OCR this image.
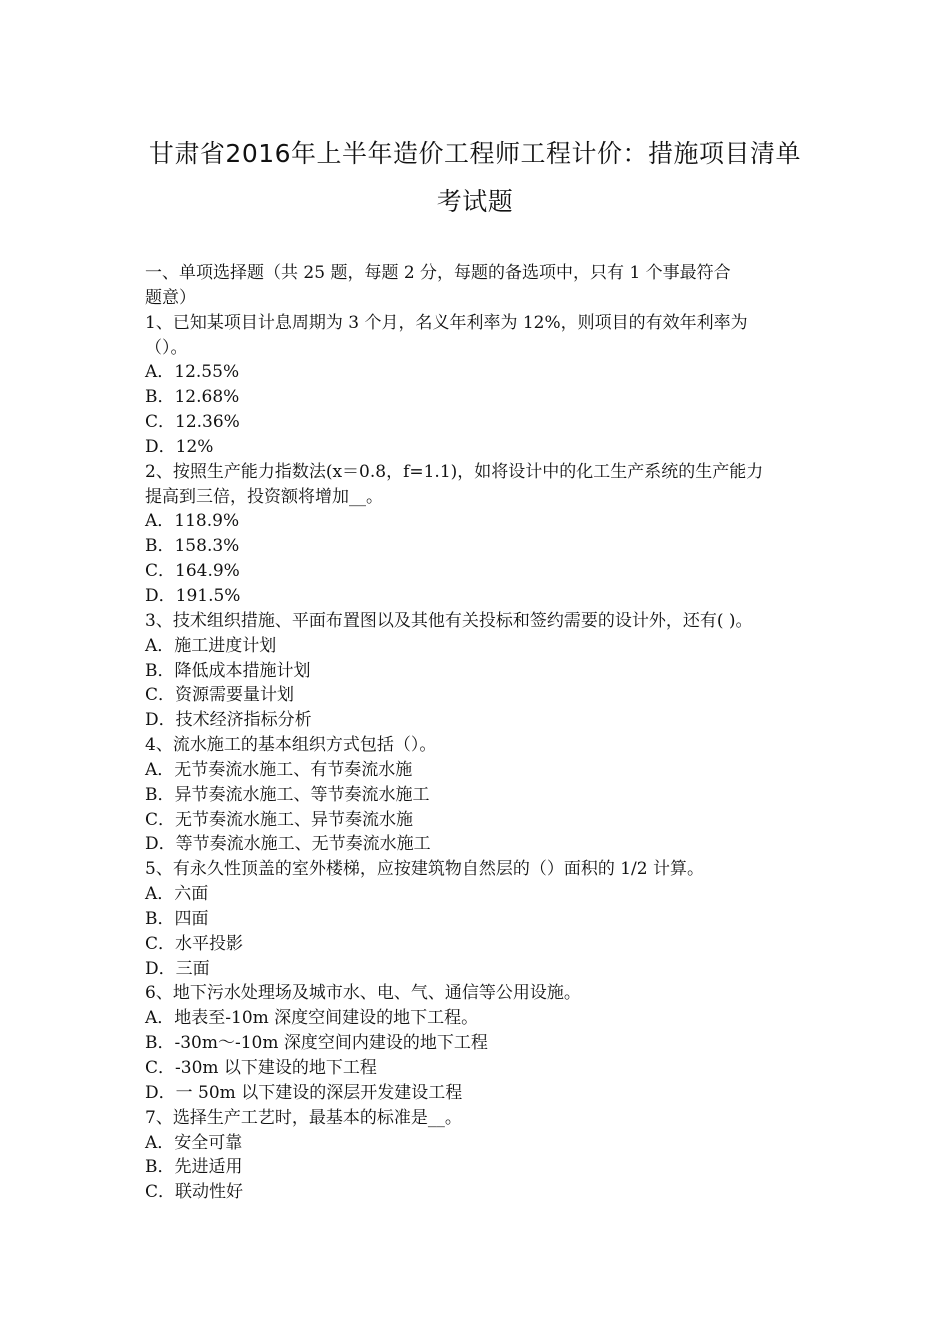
甘肃省2016年上半年造价工程师工程计价：措施项目清单
考试题
一、单项选择题（共 25 题，每题 2 分，每题的备选项中，只有 1 个事最符合
题意）
1、已知某项目计息周期为 3 个月，名义年利率为 12%，则项目的有效年利率为
（）。
A．12.55%
B．12.68%
C．12.36%
D．12%
2、按照生产能力指数法(x＝0.8，f=1.1)，如将设计中的化工生产系统的生产能力
提高到三倍，投资额将增加__。
A．118.9%
B．158.3%
C．164.9%
D．191.5%
3、技术组织措施、平面布置图以及其他有关投标和签约需要的设计外，还有( )。
A．施工进度计划
B．降低成本措施计划
C．资源需要量计划
D．技术经济指标分析
4、流水施工的基本组织方式包括（）。
A．无节奏流水施工、有节奏流水施
B．异节奏流水施工、等节奏流水施工
C．无节奏流水施工、异节奏流水施
D．等节奏流水施工、无节奏流水施工
5、有永久性顶盖的室外楼梯，应按建筑物自然层的（）面积的 1/2 计算。
A．六面
B．四面
C．水平投影
D．三面
6、地下污水处理场及城市水、电、气、通信等公用设施。
A．地表至-10m 深度空间建设的地下工程。
B．-30m～-10m 深度空间内建设的地下工程
C．-30m 以下建设的地下工程
D．一 50m 以下建设的深层开发建设工程
7、选择生产工艺时，最基本的标准是__。
A．安全可靠
B．先进适用
C．联动性好
